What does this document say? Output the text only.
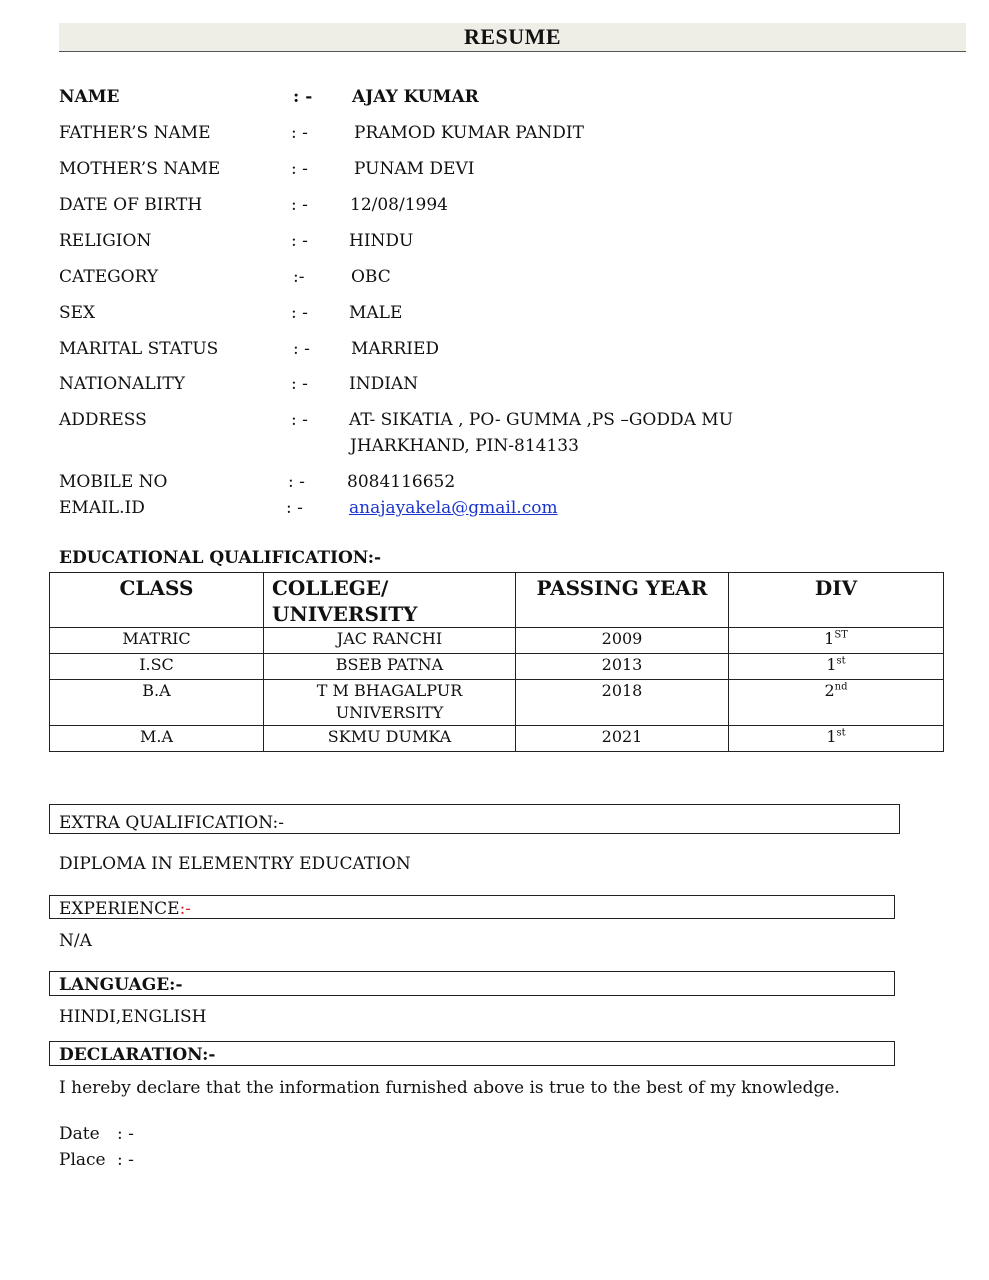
RESUME
NAME	: - AJAY KUMAR
FATHER’S NAME	: -	PRAMOD KUMAR PANDIT
MOTHER’S NAME	: -	PUNAM DEVI
DATE OF BIRTH	: - 12/08/1994
RELIGION	: - HINDU
CATEGORY	:-	OBC
SEX	: - MALE
MARITAL STATUS	: - MARRIED
NATIONALITY	: - INDIAN
ADDRESS	: - AT- SIKATIA , PO- GUMMA ,PS –GODDA MU
JHARKHAND, PIN-814133
MOBILE NO	: - 8084116652
EMAIL.ID	: -	anajayakela@gmail.com
EDUCATIONAL QUALIFICATION:-
CLASS	COLLEGE/ UNIVERSITY	PASSING YEAR	DIV
MATRIC	JAC RANCHI	2009	1ST
I.SC	BSEB PATNA	2013	1st
B.A	T M BHAGALPUR UNIVERSITY	2018	2nd
M.A	SKMU DUMKA	2021	1st
EXTRA QUALIFICATION:-
DIPLOMA IN ELEMENTRY EDUCATION
EXPERIENCE:-
N/A
LANGUAGE:-
HINDI,ENGLISH
DECLARATION:-
I hereby declare that the information furnished above is true to the best of my knowledge.
Date : -
Place : -
